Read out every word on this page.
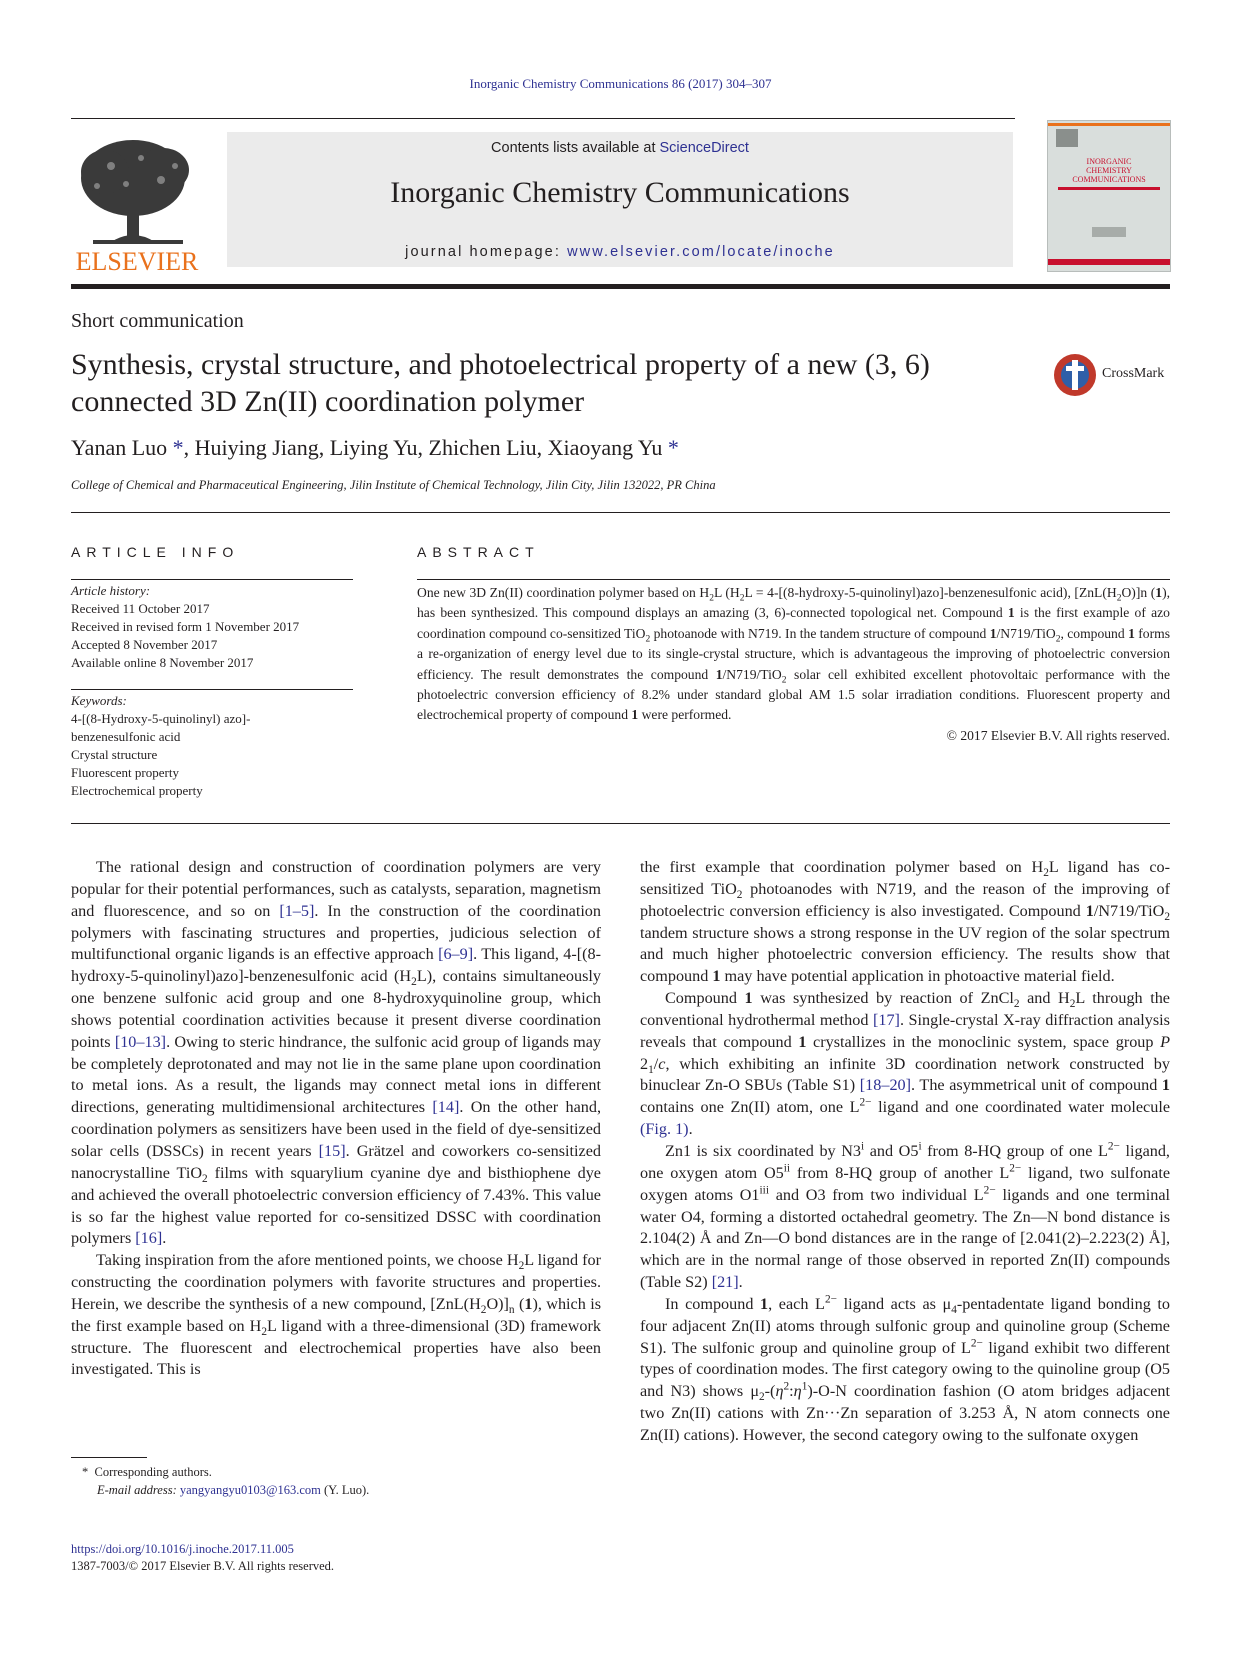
Inorganic Chemistry Communications 86 (2017) 304–307
ELSEVIER
Contents lists available at ScienceDirect
Inorganic Chemistry Communications
journal homepage: www.elsevier.com/locate/inoche
INORGANIC
CHEMISTRY
COMMUNICATIONS
Short communication
Synthesis, crystal structure, and photoelectrical property of a new (3, 6)
connected 3D Zn(II) coordination polymer
CrossMark
Yanan Luo *, Huiying Jiang, Liying Yu, Zhichen Liu, Xiaoyang Yu *
College of Chemical and Pharmaceutical Engineering, Jilin Institute of Chemical Technology, Jilin City, Jilin 132022, PR China
ARTICLE INFO
Article history:
Received 11 October 2017
Received in revised form 1 November 2017
Accepted 8 November 2017
Available online 8 November 2017
Keywords:
4-[(8-Hydroxy-5-quinolinyl) azo]-
benzenesulfonic acid
Crystal structure
Fluorescent property
Electrochemical property
ABSTRACT
One new 3D Zn(II) coordination polymer based on $H_2L$ ($H_2L$ = 4-[(8-hydroxy-5-quinolinyl)azo]-benzenesulfonic acid), $[ZnL(H_2O)]n$ (1), has been synthesized. This compound displays an amazing (3, 6)-connected topological net. Compound 1 is the first example of azo coordination compound co-sensitized TiO$_2$ photoanode with N719. In the tandem structure of compound 1/N719/TiO$_2$, compound 1 forms a re-organization of energy level due to its single-crystal structure, which is advantageous the improving of photoelectric conversion efficiency. The result demonstrates the compound 1/N719/TiO$_2$ solar cell exhibited excellent photovoltaic performance with the photoelectric conversion efficiency of 8.2% under standard global AM 1.5 solar irradiation conditions. Fluorescent property and electrochemical property of compound 1 were performed.
© 2017 Elsevier B.V. All rights reserved.

The rational design and construction of coordination polymers are very popular for their potential performances, such as catalysts, separation, magnetism and fluorescence, and so on [1–5]. In the construction of the coordination polymers with fascinating structures and properties, judicious selection of multifunctional organic ligands is an effective approach [6–9]. This ligand, 4-[(8-hydroxy-5-quinolinyl)azo]-benzenesulfonic acid $(H_2L)$, contains simultaneously one benzene sulfonic acid group and one 8-hydroxyquinoline group, which shows potential coordination activities because it present diverse coordination points [10–13]. Owing to steric hindrance, the sulfonic acid group of ligands may be completely deprotonated and may not lie in the same plane upon coordination to metal ions. As a result, the ligands may connect metal ions in different directions, generating multidimensional architectures [14]. On the other hand, coordination polymers as sensitizers have been used in the field of dye-sensitized solar cells (DSSCs) in recent years [15]. Grätzel and coworkers co-sensitized nanocrystalline TiO$_2$ films with squarylium cyanine dye and bisthiophene dye and achieved the overall photoelectric conversion efficiency of 7.43%. This value is so far the highest value reported for co-sensitized DSSC with coordination polymers [16].

Taking inspiration from the afore mentioned points, we choose $H_2L$ ligand for constructing the coordination polymers with favorite structures and properties. Herein, we describe the synthesis of a new compound, $[ZnL(H_2O)]_n$ (1), which is the first example based on $H_2L$ ligand with a three-dimensional (3D) framework structure. The fluorescent and electrochemical properties have also been investigated. This is

the first example that coordination polymer based on $H_2L$ ligand has co-sensitized TiO$_2$ photoanodes with N719, and the reason of the improving of photoelectric conversion efficiency is also investigated. Compound 1/N719/TiO$_2$ tandem structure shows a strong response in the UV region of the solar spectrum and much higher photoelectric conversion efficiency. The results show that compound 1 may have potential application in photoactive material field.

Compound 1 was synthesized by reaction of ZnCl$_2$ and $H_2L$ through the conventional hydrothermal method [17]. Single-crystal X-ray diffraction analysis reveals that compound 1 crystallizes in the monoclinic system, space group P $2_1/c$, which exhibiting an infinite 3D coordination network constructed by binuclear Zn-O SBUs (Table S1) [18–20]. The asymmetrical unit of compound 1 contains one Zn(II) atom, one $L^{2-}$ ligand and one coordinated water molecule (Fig. 1).

Zn1 is six coordinated by N3$^i$ and O5$^i$ from 8-HQ group of one $L^{2-}$ ligand, one oxygen atom O5$^{ii}$ from 8-HQ group of another $L^{2-}$ ligand, two sulfonate oxygen atoms O1$^{iii}$ and O3 from two individual $L^{2-}$ ligands and one terminal water O4, forming a distorted octahedral geometry. The Zn—N bond distance is 2.104(2) Å and Zn—O bond distances are in the range of [2.041(2)–2.223(2) Å], which are in the normal range of those observed in reported Zn(II) compounds (Table S2) [21].

In compound 1, each $L^{2-}$ ligand acts as $\mu_4$-pentadentate ligand bonding to four adjacent Zn(II) atoms through sulfonic group and quinoline group (Scheme S1). The sulfonic group and quinoline group of $L^{2-}$ ligand exhibit two different types of coordination modes. The first category owing to the quinoline group (O5 and N3) shows $\mu_2-(\eta^2:\eta^1)-O-N$ coordination fashion (O atom bridges adjacent two Zn(II) cations with Zn···Zn separation of 3.253 Å, N atom connects one Zn(II) cations). However, the second category owing to the sulfonate oxygen

* Corresponding authors.
E-mail address: yangyangyu0103@163.com (Y. Luo).
https://doi.org/10.1016/j.inoche.2017.11.005
1387-7003/© 2017 Elsevier B.V. All rights reserved.
